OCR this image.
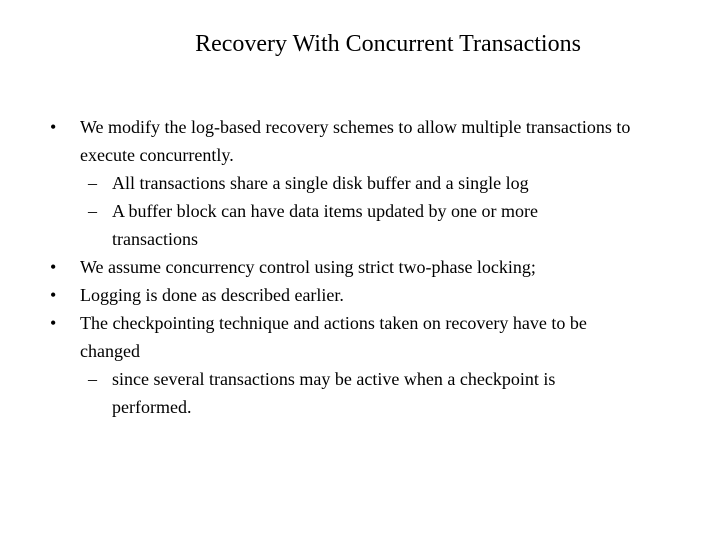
Recovery With Concurrent Transactions
• We modify the log-based recovery schemes to allow multiple transactions to execute concurrently.
– All transactions share a single disk buffer and a single log
– A buffer block can have data items updated by one or more transactions
• We assume concurrency control using strict two-phase locking;
• Logging is done as described earlier.
• The checkpointing technique and actions taken on recovery have to be changed
– since several transactions may be active when a checkpoint is performed.
